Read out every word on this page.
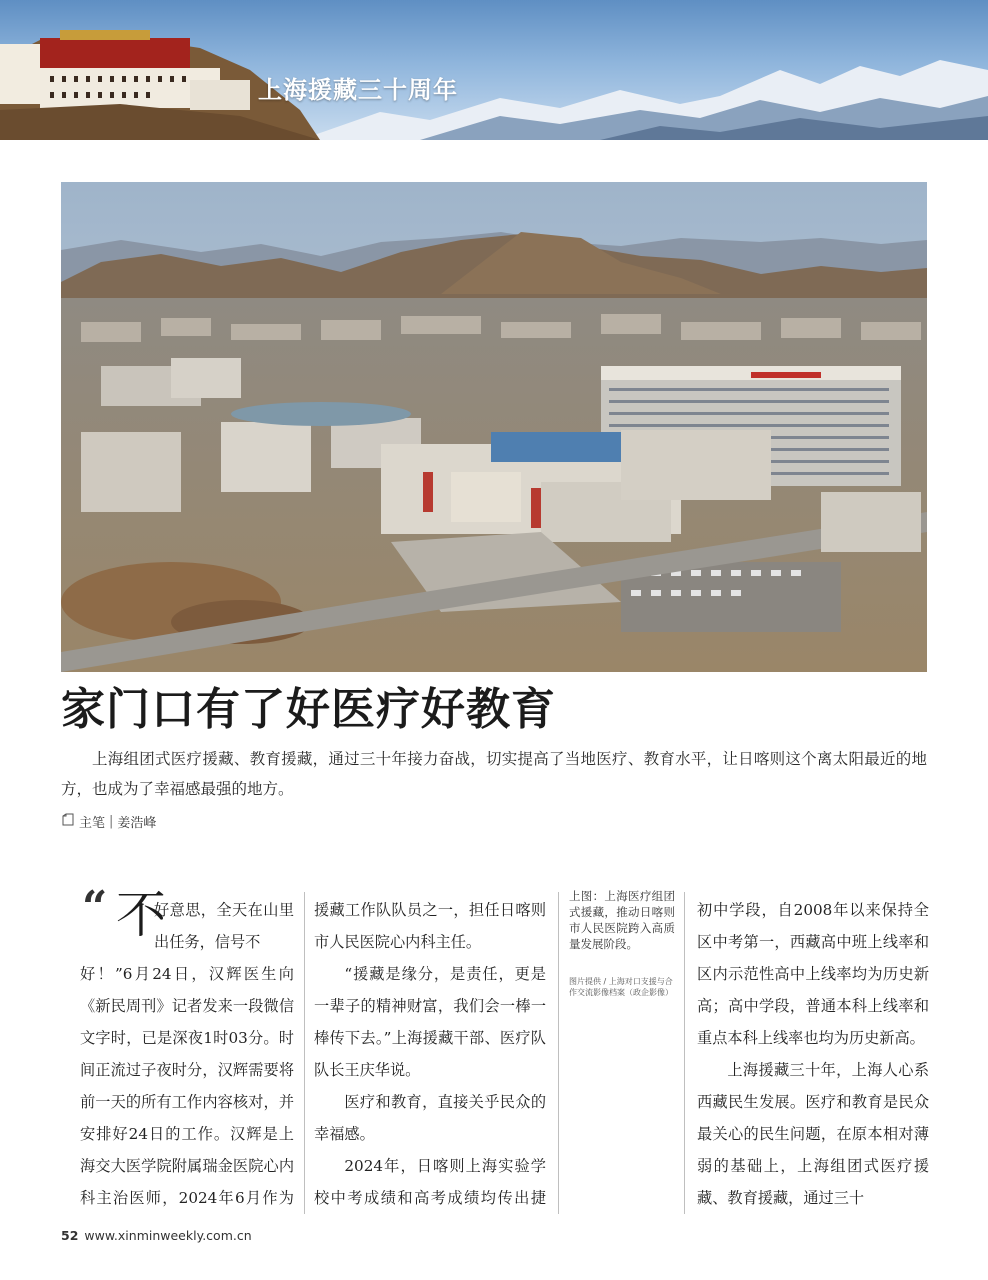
上海援藏三十周年
家门口有了好医疗好教育

上海组团式医疗援藏、教育援藏，通过三十年接力奋战，切实提高了当地医疗、教育水平，让日喀则这个离太阳最近的地方，也成为了幸福感最强的地方。

主笔 | 姜浩峰
“ 不
好意思，全天在山里出任务，信号不

好！”6月24日，汉辉医生向《新民周刊》记者发来一段微信文字时，已是深夜1时03分。时间正流过子夜时分，汉辉需要将前一天的所有工作内容核对，并安排好24日的工作。汉辉是上海交大医学院附属瑞金医院心内科主治医师，2024年6月作为

援藏工作队队员之一，担任日喀则市人民医院心内科主任。

“援藏是缘分，是责任，更是一辈子的精神财富，我们会一棒一棒传下去。”上海援藏干部、医疗队队长王庆华说。

医疗和教育，直接关乎民众的幸福感。

2024年，日喀则上海实验学校中考成绩和高考成绩均传出捷

上图：上海医疗组团式援藏，推动日喀则市人民医院跨入高质量发展阶段。
图片提供 / 上海对口支援与合作交流影像档案（政企影像）

初中学段，自2008年以来保持全区中考第一，西藏高中班上线率和区内示范性高中上线率均为历史新高；高中学段，普通本科上线率和重点本科上线率也均为历史新高。

上海援藏三十年，上海人心系西藏民生发展。医疗和教育是民众最关心的民生问题，在原本相对薄弱的基础上，上海组团式医疗援藏、教育援藏，通过三十

52 www.xinminweekly.com.cn
